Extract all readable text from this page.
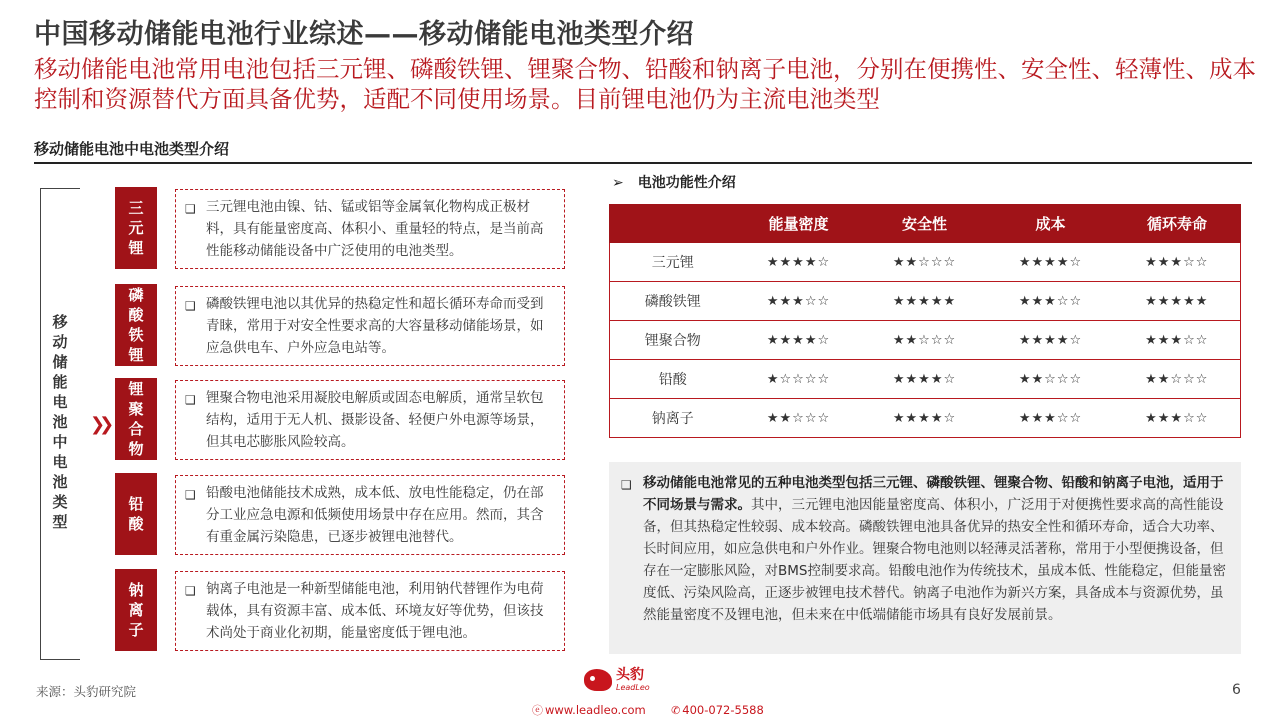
中国移动储能电池行业综述——移动储能电池类型介绍
移动储能电池常用电池包括三元锂、磷酸铁锂、锂聚合物、铅酸和钠离子电池，分别在便携性、安全性、轻薄性、成本控制和资源替代方面具备优势，适配不同使用场景。目前锂电池仍为主流电池类型
移动储能电池中电池类型介绍
移动储能电池中电池类型
❯❯
三元锂
❑ 三元锂电池由镍、钴、锰或铝等金属氧化物构成正极材料，具有能量密度高、体积小、重量轻的特点，是当前高性能移动储能设备中广泛使用的电池类型。
磷酸铁锂
❑ 磷酸铁锂电池以其优异的热稳定性和超长循环寿命而受到青睐，常用于对安全性要求高的大容量移动储能场景，如应急供电车、户外应急电站等。
锂聚合物
❑ 锂聚合物电池采用凝胶电解质或固态电解质，通常呈软包结构，适用于无人机、摄影设备、轻便户外电源等场景，但其电芯膨胀风险较高。
铅酸
❑ 铅酸电池储能技术成熟，成本低、放电性能稳定，仍在部分工业应急电源和低频使用场景中存在应用。然而，其含有重金属污染隐患，已逐步被锂电池替代。
钠离子
❑ 钠离子电池是一种新型储能电池，利用钠代替锂作为电荷载体，具有资源丰富、成本低、环境友好等优势，但该技术尚处于商业化初期，能量密度低于锂电池。
➢ 电池功能性介绍
	能量密度	安全性	成本	循环寿命
三元锂	★★★★☆	★★☆☆☆	★★★★☆	★★★☆☆
磷酸铁锂	★★★☆☆	★★★★★	★★★☆☆	★★★★★
锂聚合物	★★★★☆	★★☆☆☆	★★★★☆	★★★☆☆
铅酸	★☆☆☆☆	★★★★☆	★★☆☆☆	★★☆☆☆
钠离子	★★☆☆☆	★★★★☆	★★★☆☆	★★★☆☆
❑ 移动储能电池常见的五种电池类型包括三元锂、磷酸铁锂、锂聚合物、铅酸和钠离子电池，适用于不同场景与需求。其中，三元锂电池因能量密度高、体积小，广泛用于对便携性要求高的高性能设备，但其热稳定性较弱、成本较高。磷酸铁锂电池具备优异的热安全性和循环寿命，适合大功率、长时间应用，如应急供电和户外作业。锂聚合物电池则以轻薄灵活著称，常用于小型便携设备，但存在一定膨胀风险，对BMS控制要求高。铅酸电池作为传统技术，虽成本低、性能稳定，但能量密度低、污染风险高，正逐步被锂电技术替代。钠离子电池作为新兴方案，具备成本与资源优势，虽然能量密度不及锂电池，但未来在中低端储能市场具有良好发展前景。
来源：头豹研究院	6
头豹
LeadLeo
ⓔ www.leadleo.com ✆ 400-072-5588
